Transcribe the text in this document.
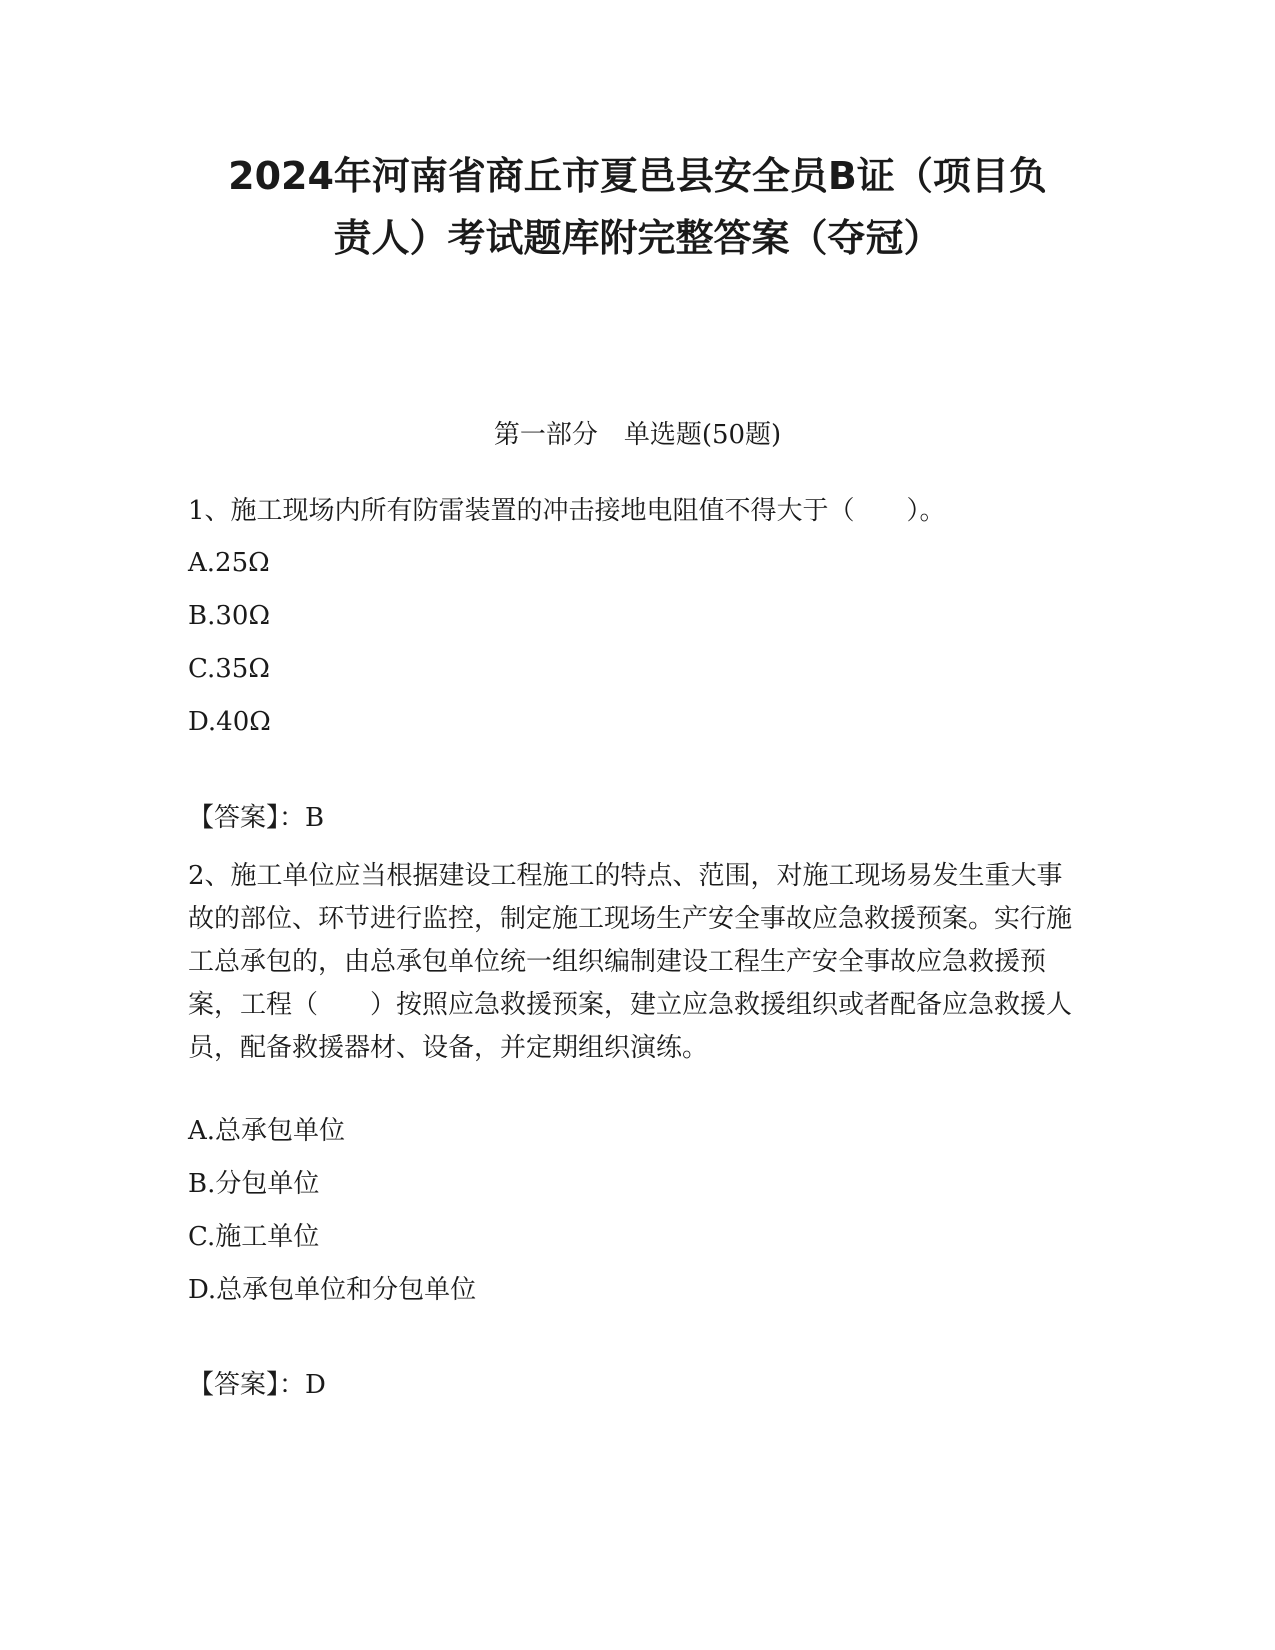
2024年河南省商丘市夏邑县安全员B证（项目负
责人）考试题库附完整答案（夺冠）
第一部分　单选题(50题)

1、施工现场内所有防雷装置的冲击接地电阻值不得大于（　　）。

A.25Ω

B.30Ω

C.35Ω

D.40Ω

【答案】：B

2、施工单位应当根据建设工程施工的特点、范围，对施工现场易发生重大事故的部位、环节进行监控，制定施工现场生产安全事故应急救援预案。实行施工总承包的，由总承包单位统一组织编制建设工程生产安全事故应急救援预案，工程（　　）按照应急救援预案，建立应急救援组织或者配备应急救援人员，配备救援器材、设备，并定期组织演练。

A.总承包单位

B.分包单位

C.施工单位

D.总承包单位和分包单位

【答案】：D
